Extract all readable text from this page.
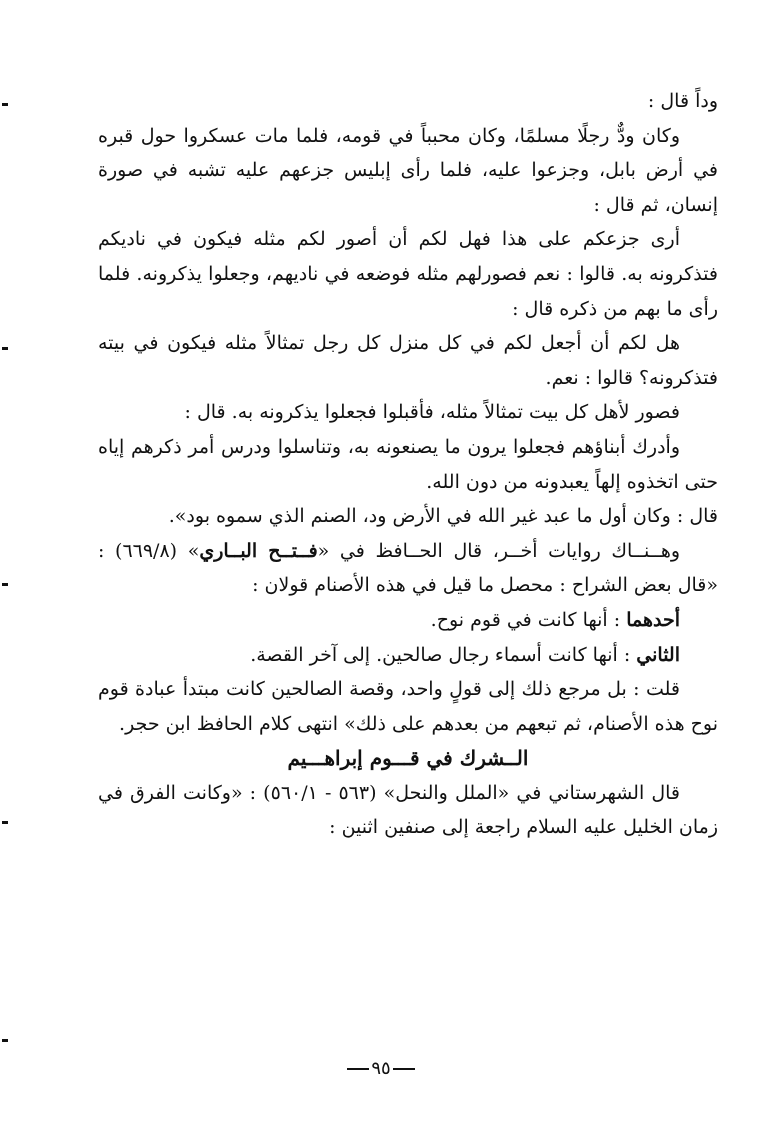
وداً قال :

وكان ودٌّ رجلًا مسلمًا، وكان محبباً في قومه، فلما مات عسكروا حول قبره في أرض بابل، وجزعوا عليه، فلما رأى إبليس جزعهم عليه تشبه في صورة إنسان، ثم قال :

أرى جزعكم على هذا فهل لكم أن أصور لكم مثله فيكون في ناديكم فتذكرونه به. قالوا : نعم فصورلهم مثله فوضعه في ناديهم، وجعلوا يذكرونه. فلما رأى ما بهم من ذكره قال :

هل لكم أن أجعل لكم في كل منزل كل رجل تمثالاً مثله فيكون في بيته فتذكرونه؟ قالوا : نعم.

فصور لأهل كل بيت تمثالاً مثله، فأقبلوا فجعلوا يذكرونه به. قال :

وأدرك أبناؤهم فجعلوا يرون ما يصنعونه به، وتناسلوا ودرس أمر ذكرهم إياه حتى اتخذوه إلهاً يعبدونه من دون الله.

قال : وكان أول ما عبد غير الله في الأرض ود، الصنم الذي سموه بود».

وهــنــاك روايات أخــر، قال الحــافظ في «فــتــح البــاري» (٦٦٩/٨) : «قال بعض الشراح : محصل ما قيل في هذه الأصنام قولان :

أحدهما : أنها كانت في قوم نوح.

الثاني : أنها كانت أسماء رجال صالحين. إلى آخر القصة.

قلت : بل مرجع ذلك إلى قولٍ واحد، وقصة الصالحين كانت مبتدأ عبادة قوم نوح هذه الأصنام، ثم تبعهم من بعدهم على ذلك» انتهى كلام الحافظ ابن حجر.

الــشرك في قـــوم إبراهـــيم

قال الشهرستاني في «الملل والنحل» (٥٦٣ - ٥٦٠/١) : «وكانت الفرق في زمان الخليل عليه السلام راجعة إلى صنفين اثنين :

٩٥
